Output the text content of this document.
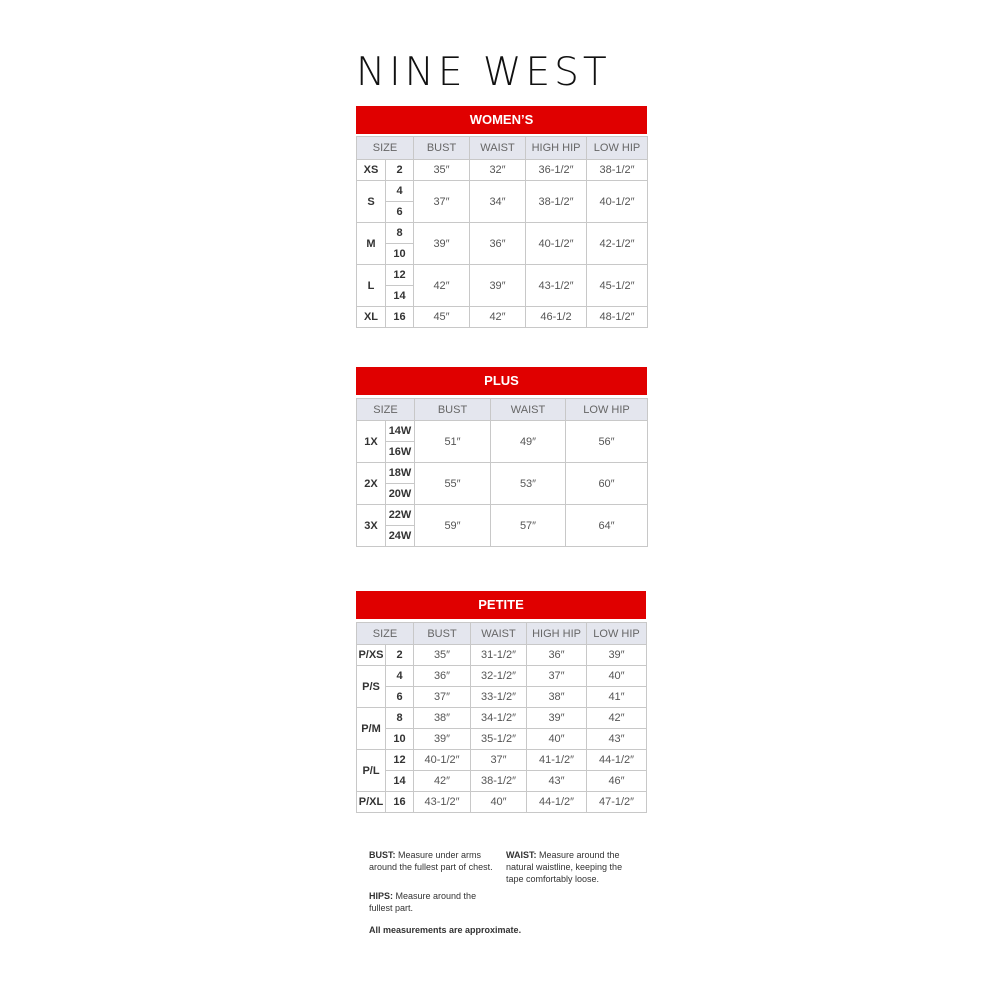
NINE WEST
WOMEN’S
SIZE		BUST	WAIST	HIGH HIP	LOW HIP
XS	2	35″	32″	36-1/2″	38-1/2″
S	4	37″	34″	38-1/2″	40-1/2″
	6				
M	8	39″	36″	40-1/2″	42-1/2″
	10				
L	12	42″	39″	43-1/2″	45-1/2″
	14				
XL	16	45″	42″	46-1/2	48-1/2″
PLUS
SIZE		BUST	WAIST	LOW HIP
1X	14W	51″	49″	56″
	16W			
2X	18W	55″	53″	60″
	20W			
3X	22W	59″	57″	64″
	24W			
PETITE
SIZE		BUST	WAIST	HIGH HIP	LOW HIP
P/XS	2	35″	31-1/2″	36″	39″
P/S	4	36″	32-1/2″	37″	40″
	6	37″	33-1/2″	38″	41″
P/M	8	38″	34-1/2″	39″	42″
	10	39″	35-1/2″	40″	43″
P/L	12	40-1/2″	37″	41-1/2″	44-1/2″
	14	42″	38-1/2″	43″	46″
P/XL	16	43-1/2″	40″	44-1/2″	47-1/2″
BUST: Measure under arms
around the fullest part of chest.
WAIST: Measure around the
natural waistline, keeping the
tape comfortably loose.
HIPS: Measure around the
fullest part.
All measurements are approximate.
